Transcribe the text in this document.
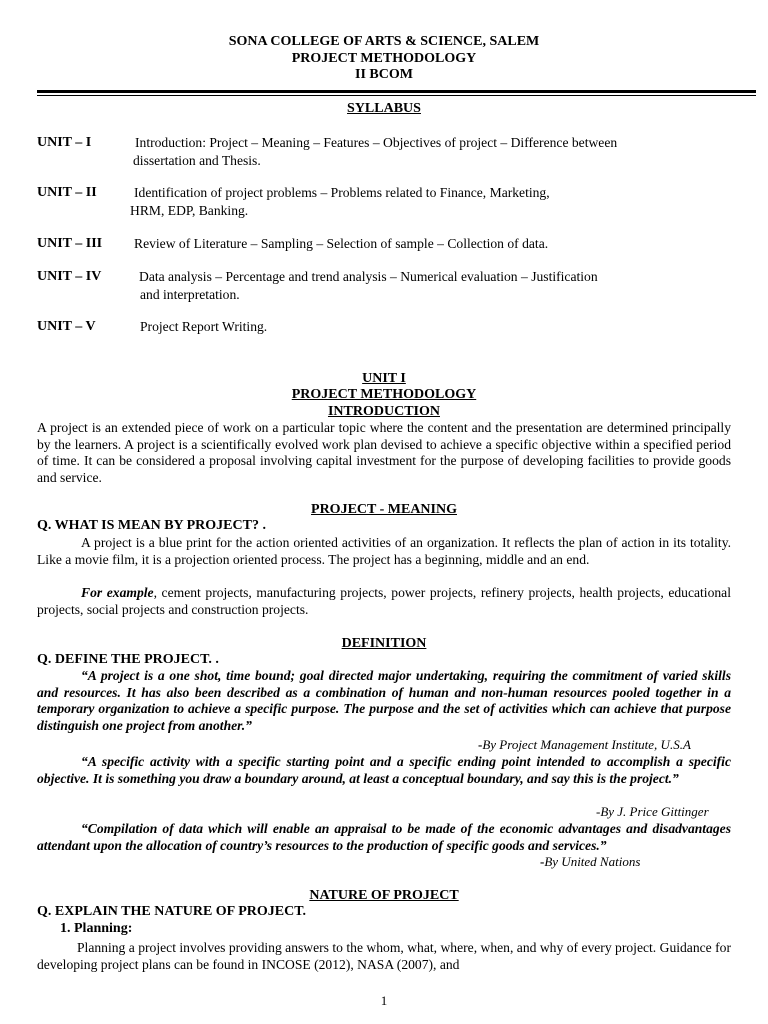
SONA COLLEGE OF ARTS & SCIENCE, SALEM
PROJECT METHODOLOGY
II BCOM
SYLLABUS
UNIT – I	Introduction: Project – Meaning – Features – Objectives of project – Difference between
dissertation and Thesis.
UNIT – II	Identification of project problems – Problems related to Finance, Marketing,
HRM, EDP, Banking.
UNIT – III Review of Literature – Sampling – Selection of sample – Collection of data.
UNIT – IV	Data analysis – Percentage and trend analysis – Numerical evaluation – Justification
and interpretation.
UNIT – V	Project Report Writing.
UNIT I
PROJECT METHODOLOGY
INTRODUCTION
A project is an extended piece of work on a particular topic where the content and the presentation are determined principally by the learners. A project is a scientifically evolved work plan devised to achieve a specific objective within a specified period of time. It can be considered a proposal involving capital investment for the purpose of developing facilities to provide goods and service.
PROJECT - MEANING
Q. WHAT IS MEAN BY PROJECT? .
A project is a blue print for the action oriented activities of an organization. It reflects the plan of action in its totality. Like a movie film, it is a projection oriented process. The project has a beginning, middle and an end.
For example, cement projects, manufacturing projects, power projects, refinery projects, health projects, educational projects, social projects and construction projects.
DEFINITION
Q. DEFINE THE PROJECT. .
“A project is a one shot, time bound; goal directed major undertaking, requiring the commitment of varied skills and resources. It has also been described as a combination of human and non-human resources pooled together in a temporary organization to achieve a specific purpose. The purpose and the set of activities which can achieve that purpose distinguish one project from another.”
-By Project Management Institute, U.S.A
“A specific activity with a specific starting point and a specific ending point intended to accomplish a specific objective. It is something you draw a boundary around, at least a conceptual boundary, and say this is the project.”
-By J. Price Gittinger
“Compilation of data which will enable an appraisal to be made of the economic advantages and disadvantages attendant upon the allocation of country’s resources to the production of specific goods and services.”
-By United Nations
NATURE OF PROJECT
Q. EXPLAIN THE NATURE OF PROJECT.
1. Planning:
Planning a project involves providing answers to the whom, what, where, when, and why of every project. Guidance for developing project plans can be found in INCOSE (2012), NASA (2007), and
1
